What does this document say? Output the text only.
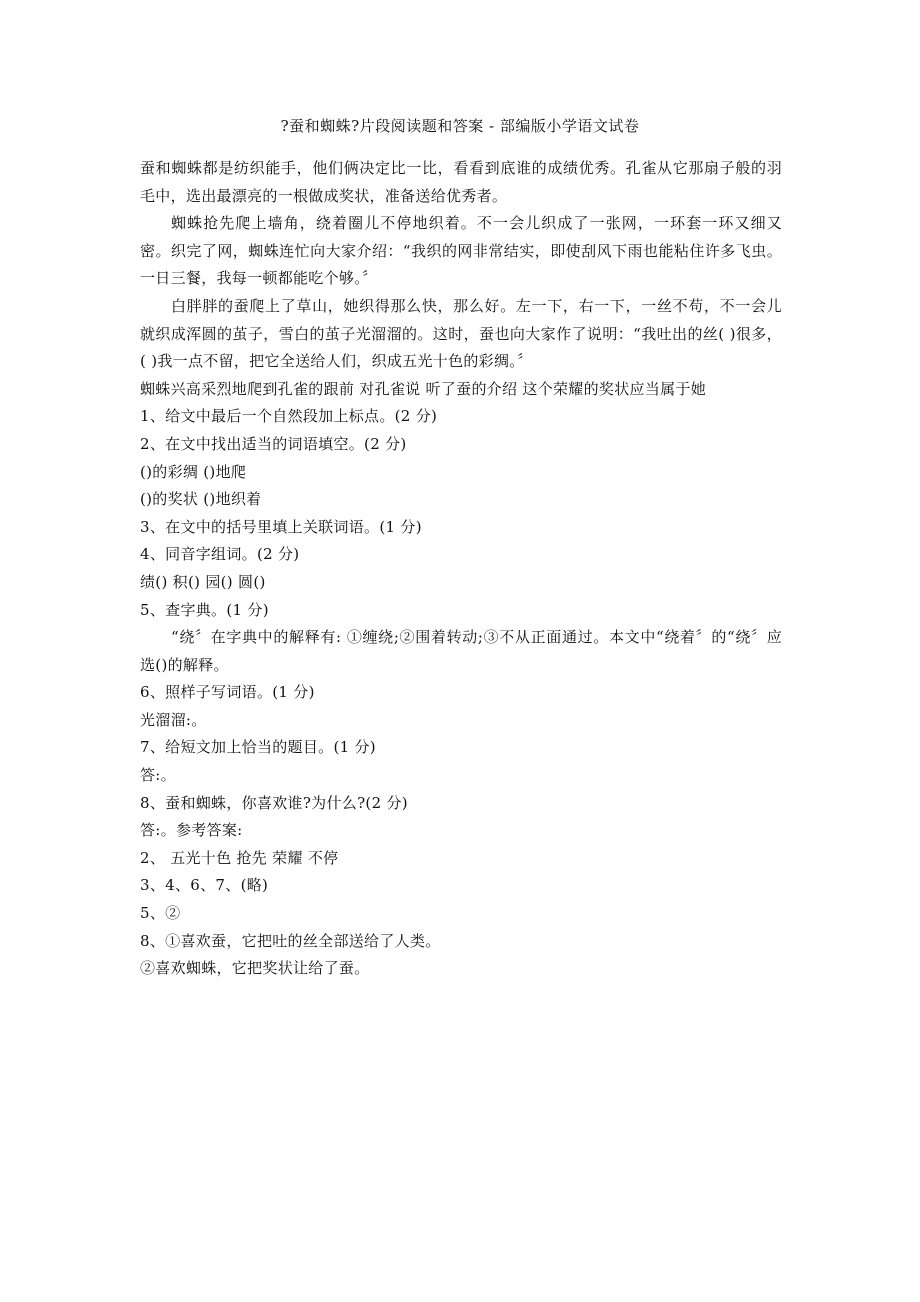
?蚕和蜘蛛?片段阅读题和答案 - 部编版小学语文试卷

蚕和蜘蛛都是纺织能手，他们俩决定比一比，看看到底谁的成绩优秀。孔雀从它那扇子般的羽毛中，选出最漂亮的一根做成奖状，准备送给优秀者。

蜘蛛抢先爬上墙角，绕着圈儿不停地织着。不一会儿织成了一张网，一环套一环又细又密。织完了网，蜘蛛连忙向大家介绍：“我织的网非常结实，即使刮风下雨也能粘住许多飞虫。一日三餐，我每一顿都能吃个够。〞

白胖胖的蚕爬上了草山，她织得那么快，那么好。左一下，右一下，一丝不苟，不一会儿就织成浑圆的茧子，雪白的茧子光溜溜的。这时，蚕也向大家作了说明：“我吐出的丝( )很多，( )我一点不留，把它全送给人们，织成五光十色的彩绸。〞

蜘蛛兴高采烈地爬到孔雀的跟前 对孔雀说 听了蚕的介绍 这个荣耀的奖状应当属于她

1、给文中最后一个自然段加上标点。(2 分)

2、在文中找出适当的词语填空。(2 分)

()的彩绸 ()地爬

()的奖状 ()地织着

3、在文中的括号里填上关联词语。(1 分)

4、同音字组词。(2 分)

绩() 积() 园() 圆()

5、查字典。(1 分)

“绕〞在字典中的解释有: ①缠绕;②围着转动;③不从正面通过。本文中“绕着〞的“绕〞应选()的解释。

6、照样子写词语。(1 分)

光溜溜:。

7、给短文加上恰当的题目。(1 分)

答:。

8、蚕和蜘蛛，你喜欢谁?为什么?(2 分)

答:。参考答案:

2、 五光十色 抢先 荣耀 不停

3、4、6、7、(略)

5、②

8、①喜欢蚕，它把吐的丝全部送给了人类。

②喜欢蜘蛛，它把奖状让给了蚕。
